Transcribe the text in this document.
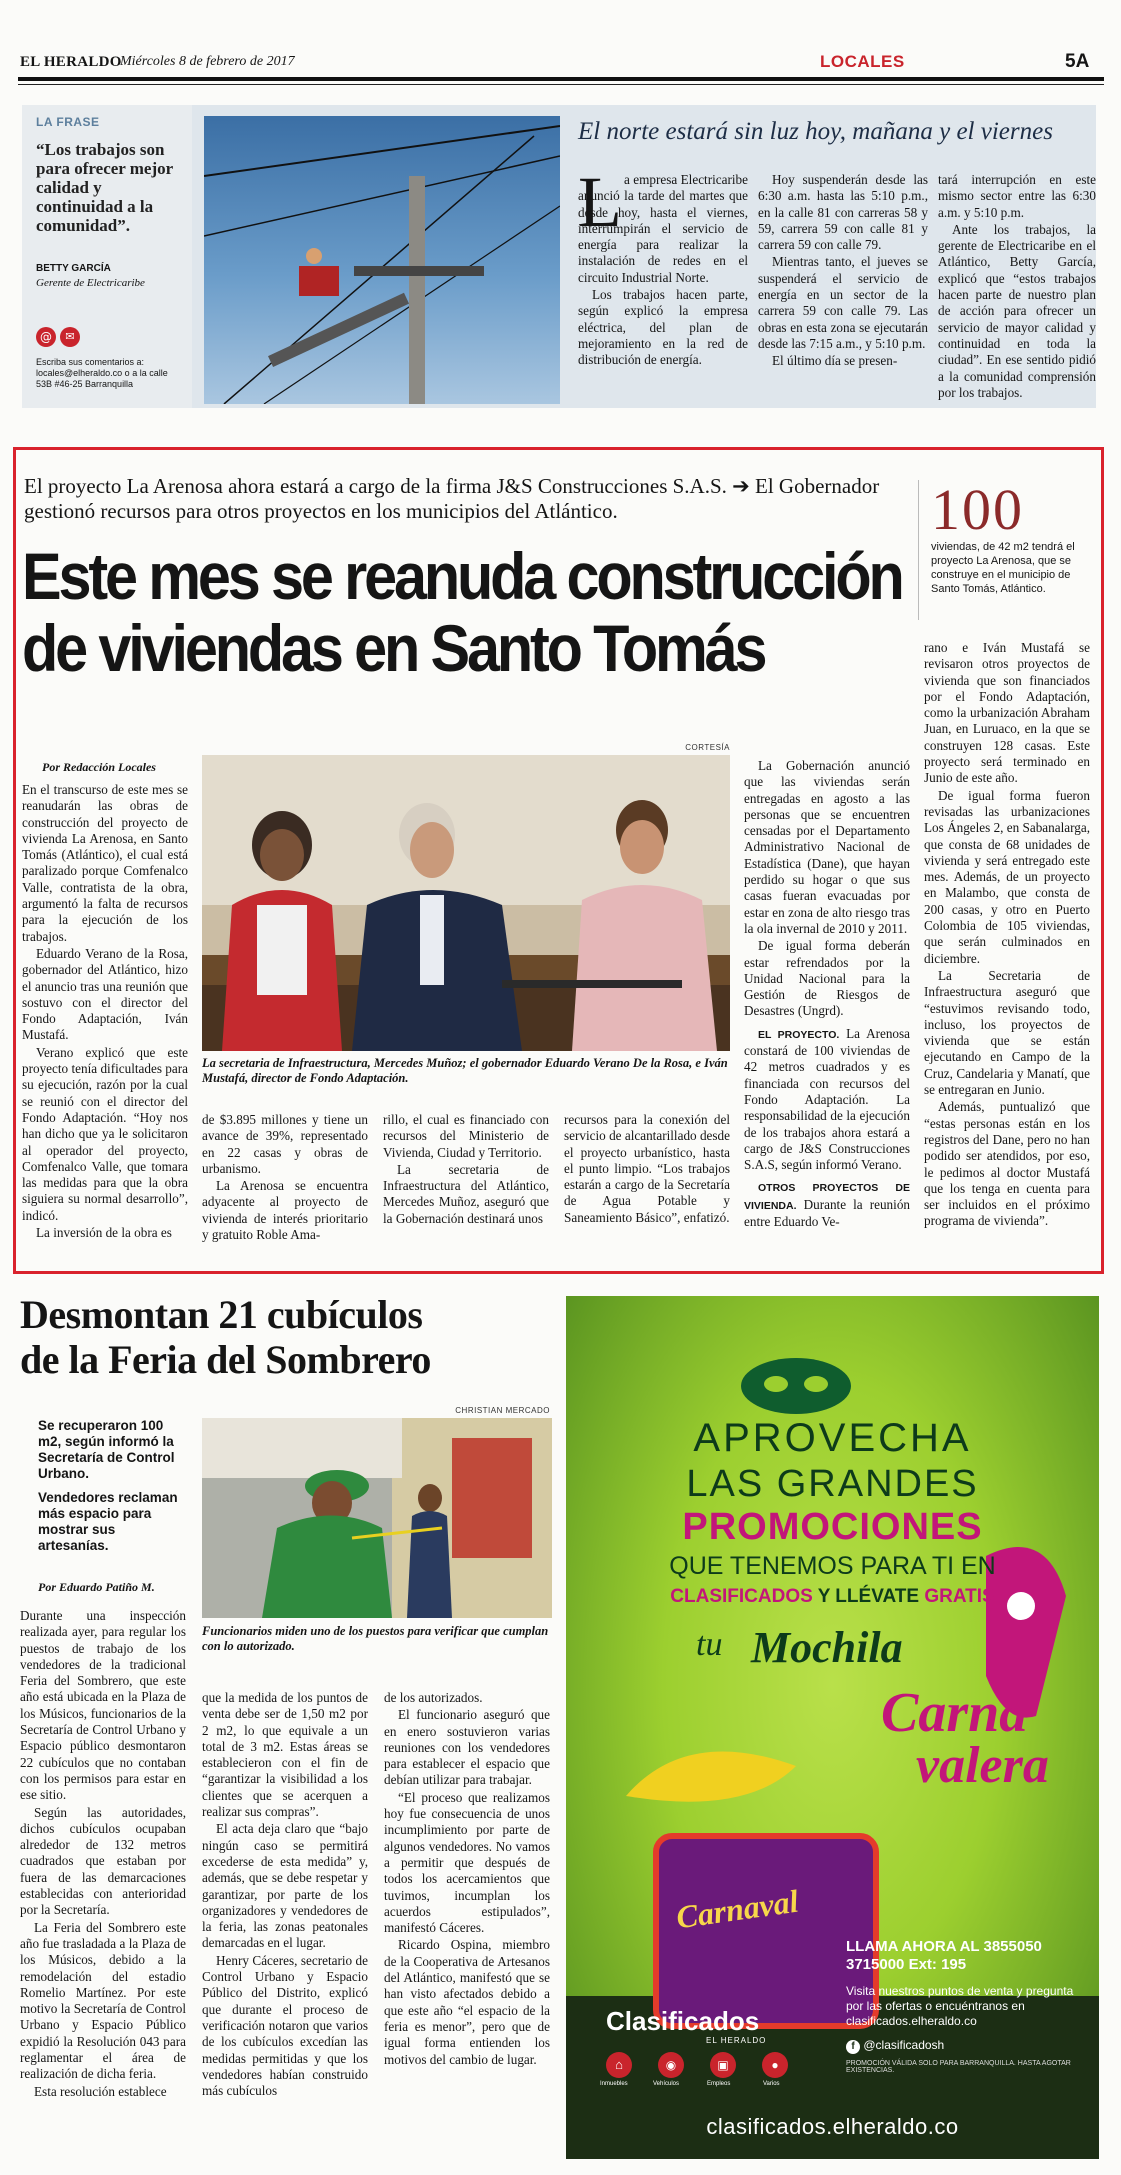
EL HERALDO
Miércoles 8 de febrero de 2017	LOCALES	5A
LA FRASE
“Los trabajos son para ofrecer mejor calidad y continuidad a la comunidad”.
BETTY GARCÍA
Gerente de Electricaribe
@	✉
Escriba sus comentarios a: locales@elheraldo.co o a la calle 53B #46-25 Barranquilla
El norte estará sin luz hoy, mañana y el viernes
L a empresa Electricaribe anunció la tarde del martes que desde hoy, hasta el viernes, interrumpirán el servicio de energía para realizar la instalación de redes en el circuito Industrial Norte.

Los trabajos hacen parte, según explicó la empresa eléctrica, del plan de mejoramiento en la red de distribución de energía.

Hoy suspenderán desde las 6:30 a.m. hasta las 5:10 p.m., en la calle 81 con carreras 58 y 59, carrera 59 con calle 81 y carrera 59 con calle 79.

Mientras tanto, el jueves se suspenderá el servicio de energía en un sector de la carrera 59 con calle 79. Las obras en esta zona se ejecutarán desde las 7:15 a.m., y 5:10 p.m.

El último día se presen-

tará interrupción en este mismo sector entre las 6:30 a.m. y 5:10 p.m.

Ante los trabajos, la gerente de Electricaribe en el Atlántico, Betty García, explicó que “estos trabajos hacen parte de nuestro plan de acción para ofrecer un servicio de mayor calidad y continuidad en toda la ciudad”. En ese sentido pidió a la comunidad comprensión por los trabajos.

El proyecto La Arenosa ahora estará a cargo de la firma J&S Construcciones S.A.S. ➔ El Gobernador gestionó recursos para otros proyectos en los municipios del Atlántico.
Este mes se reanuda construcción
de viviendas en Santo Tomás
100
viviendas, de 42 m2 tendrá el proyecto La Arenosa, que se construye en el municipio de Santo Tomás, Atlántico.
Por Redacción Locales
CORTESÍA
La secretaria de Infraestructura, Mercedes Muñoz; el gobernador Eduardo Verano De la Rosa, e Iván Mustafá, director de Fondo Adaptación.

En el transcurso de este mes se reanudarán las obras de construcción del proyecto de vivienda La Arenosa, en Santo Tomás (Atlántico), el cual está paralizado porque Comfenalco Valle, contratista de la obra, argumentó la falta de recursos para la ejecución de los trabajos.

Eduardo Verano de la Rosa, gobernador del Atlántico, hizo el anuncio tras una reunión que sostuvo con el director del Fondo Adaptación, Iván Mustafá.

Verano explicó que este proyecto tenía dificultades para su ejecución, razón por la cual se reunió con el director del Fondo Adaptación. “Hoy nos han dicho que ya le solicitaron al operador del proyecto, Comfenalco Valle, que tomara las medidas para que la obra siguiera su normal desarrollo”, indicó.

La inversión de la obra es

de $3.895 millones y tiene un avance de 39%, representado en 22 casas y obras de urbanismo.

La Arenosa se encuentra adyacente al proyecto de vivienda de interés prioritario y gratuito Roble Ama-

rillo, el cual es financiado con recursos del Ministerio de Vivienda, Ciudad y Territorio.

La secretaria de Infraestructura del Atlántico, Mercedes Muñoz, aseguró que la Gobernación destinará unos

recursos para la conexión del servicio de alcantarillado desde el proyecto urbanístico, hasta el punto limpio. “Los trabajos estarán a cargo de la Secretaría de Agua Potable y Saneamiento Básico”, enfatizó.

La Gobernación anunció que las viviendas serán entregadas en agosto a las personas que se encuentren censadas por el Departamento Administrativo Nacional de Estadística (Dane), que hayan perdido su hogar o que sus casas fueran evacuadas por estar en zona de alto riesgo tras la ola invernal de 2010 y 2011.

De igual forma deberán estar refrendados por la Unidad Nacional para la Gestión de Riesgos de Desastres (Ungrd).

EL PROYECTO. La Arenosa constará de 100 viviendas de 42 metros cuadrados y es financiada con recursos del Fondo Adaptación. La responsabilidad de la ejecución de los trabajos ahora estará a cargo de J&S Construcciones S.A.S, según informó Verano.

OTROS PROYECTOS DE VIVIENDA. Durante la reunión entre Eduardo Ve-

rano e Iván Mustafá se revisaron otros proyectos de vivienda que son financiados por el Fondo Adaptación, como la urbanización Abraham Juan, en Luruaco, en la que se construyen 128 casas. Este proyecto será terminado en Junio de este año.

De igual forma fueron revisadas las urbanizaciones Los Ángeles 2, en Sabanalarga, que consta de 68 unidades de vivienda y será entregado este mes. Además, de un proyecto en Malambo, que consta de 200 casas, y otro en Puerto Colombia de 105 viviendas, que serán culminados en diciembre.

La Secretaria de Infraestructura aseguró que “estuvimos revisando todo, incluso, los proyectos de vivienda que se están ejecutando en Campo de la Cruz, Candelaria y Manatí, que se entregaran en Junio.

Además, puntualizó que “estas personas están en los registros del Dane, pero no han podido ser atendidos, por eso, le pedimos al doctor Mustafá que los tenga en cuenta para ser incluidos en el próximo programa de vivienda”.

Desmontan 21 cubículos
de la Feria del Sombrero
Se recuperaron 100 m2, según informó la Secretaría de Control Urbano.
Vendedores reclaman más espacio para mostrar sus artesanías.
Por Eduardo Patiño M.
CHRISTIAN MERCADO
Funcionarios miden uno de los puestos para verificar que cumplan con lo autorizado.

Durante una inspección realizada ayer, para regular los puestos de trabajo de los vendedores de la tradicional Feria del Sombrero, que este año está ubicada en la Plaza de los Músicos, funcionarios de la Secretaría de Control Urbano y Espacio público desmontaron 22 cubículos que no contaban con los permisos para estar en ese sitio.

Según las autoridades, dichos cubículos ocupaban alrededor de 132 metros cuadrados que estaban por fuera de las demarcaciones establecidas con anterioridad por la Secretaría.

La Feria del Sombrero este año fue trasladada a la Plaza de los Músicos, debido a la remodelación del estadio Romelio Martínez. Por este motivo la Secretaría de Control Urbano y Espacio Público expidió la Resolución 043 para reglamentar el área de realización de dicha feria.

Esta resolución establece

que la medida de los puntos de venta debe ser de 1,50 m2 por 2 m2, lo que equivale a un total de 3 m2. Estas áreas se establecieron con el fin de “garantizar la visibilidad a los clientes que se acerquen a realizar sus compras”.

El acta deja claro que “bajo ningún caso se permitirá excederse de esta medida” y, además, que se debe respetar y garantizar, por parte de los organizadores y vendedores de la feria, las zonas peatonales demarcadas en el lugar.

Henry Cáceres, secretario de Control Urbano y Espacio Público del Distrito, explicó que durante el proceso de verificación notaron que varios de los cubículos excedían las medidas permitidas y que los vendedores habían construido más cubículos

de los autorizados.

El funcionario aseguró que en enero sostuvieron varias reuniones con los vendedores para establecer el espacio que debían utilizar para trabajar.

“El proceso que realizamos hoy fue consecuencia de unos incumplimiento por parte de algunos vendedores. No vamos a permitir que después de todos los acercamientos que tuvimos, incumplan los acuerdos estipulados”, manifestó Cáceres.

Ricardo Ospina, miembro de la Cooperativa de Artesanos del Atlántico, manifestó que se han visto afectados debido a que este año “el espacio de la feria es menor”, pero que de igual forma entienden los motivos del cambio de lugar.

APROVECHA
LAS GRANDES
PROMOCIONES
QUE TENEMOS PARA TI EN
CLASIFICADOS Y LLÉVATE GRATIS
tu Mochila
Carna
valera
Carnaval
LLAMA AHORA AL 3855050
3715000 Ext: 195
Visita nuestros puntos de venta y pregunta por las ofertas o encuéntranos en clasificados.elheraldo.co
f @clasificadosh
Clasificados
EL HERALDO
⌂	◉	▣	●
Inmuebles	Vehículos	Empleos	Varios
PROMOCIÓN VÁLIDA SOLO PARA BARRANQUILLA. HASTA AGOTAR EXISTENCIAS.
clasificados.elheraldo.co
